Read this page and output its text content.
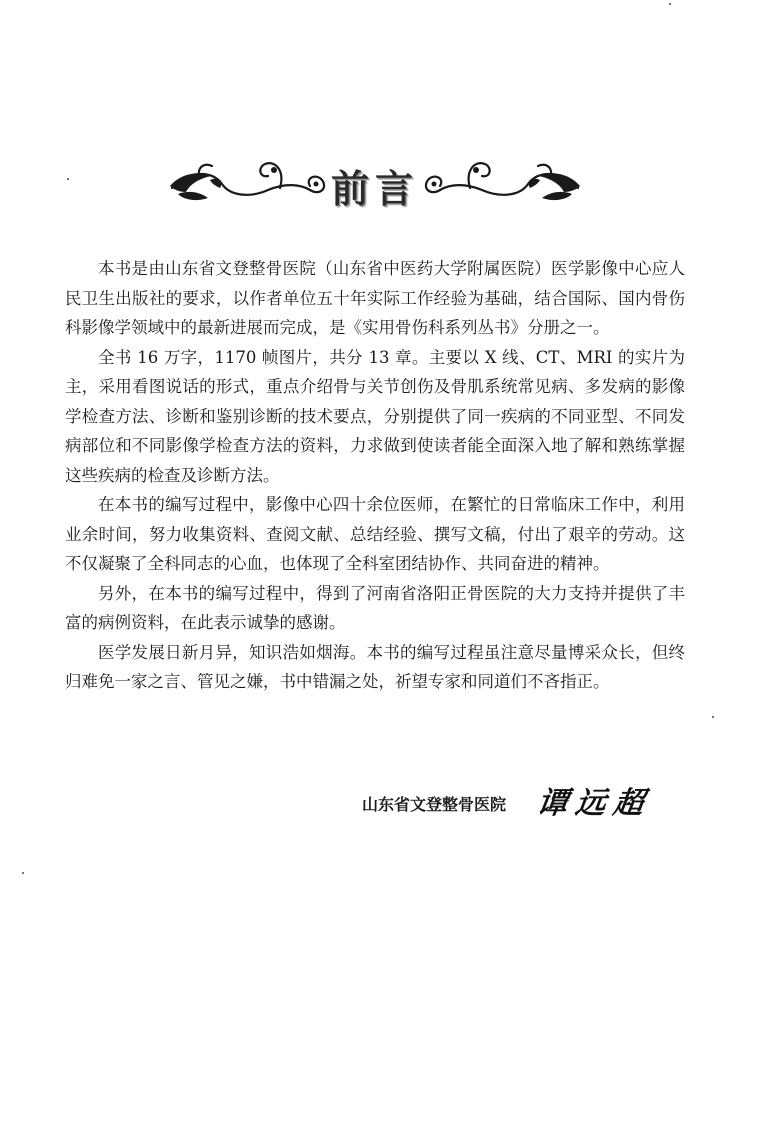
前言

本书是由山东省文登整骨医院（山东省中医药大学附属医院）医学影像中心应人民卫生出版社的要求，以作者单位五十年实际工作经验为基础，结合国际、国内骨伤科影像学领域中的最新进展而完成，是《实用骨伤科系列丛书》分册之一。

全书 16 万字，1170 帧图片，共分 13 章。主要以 X 线、CT、MRI 的实片为主，采用看图说话的形式，重点介绍骨与关节创伤及骨肌系统常见病、多发病的影像学检查方法、诊断和鉴别诊断的技术要点，分别提供了同一疾病的不同亚型、不同发病部位和不同影像学检查方法的资料，力求做到使读者能全面深入地了解和熟练掌握这些疾病的检查及诊断方法。

在本书的编写过程中，影像中心四十余位医师，在繁忙的日常临床工作中，利用业余时间，努力收集资料、查阅文献、总结经验、撰写文稿，付出了艰辛的劳动。这不仅凝聚了全科同志的心血，也体现了全科室团结协作、共同奋进的精神。

另外，在本书的编写过程中，得到了河南省洛阳正骨医院的大力支持并提供了丰富的病例资料，在此表示诚挚的感谢。

医学发展日新月异，知识浩如烟海。本书的编写过程虽注意尽量博采众长，但终归难免一家之言、管见之嫌，书中错漏之处，祈望专家和同道们不吝指正。

山东省文登整骨医院 谭远超
